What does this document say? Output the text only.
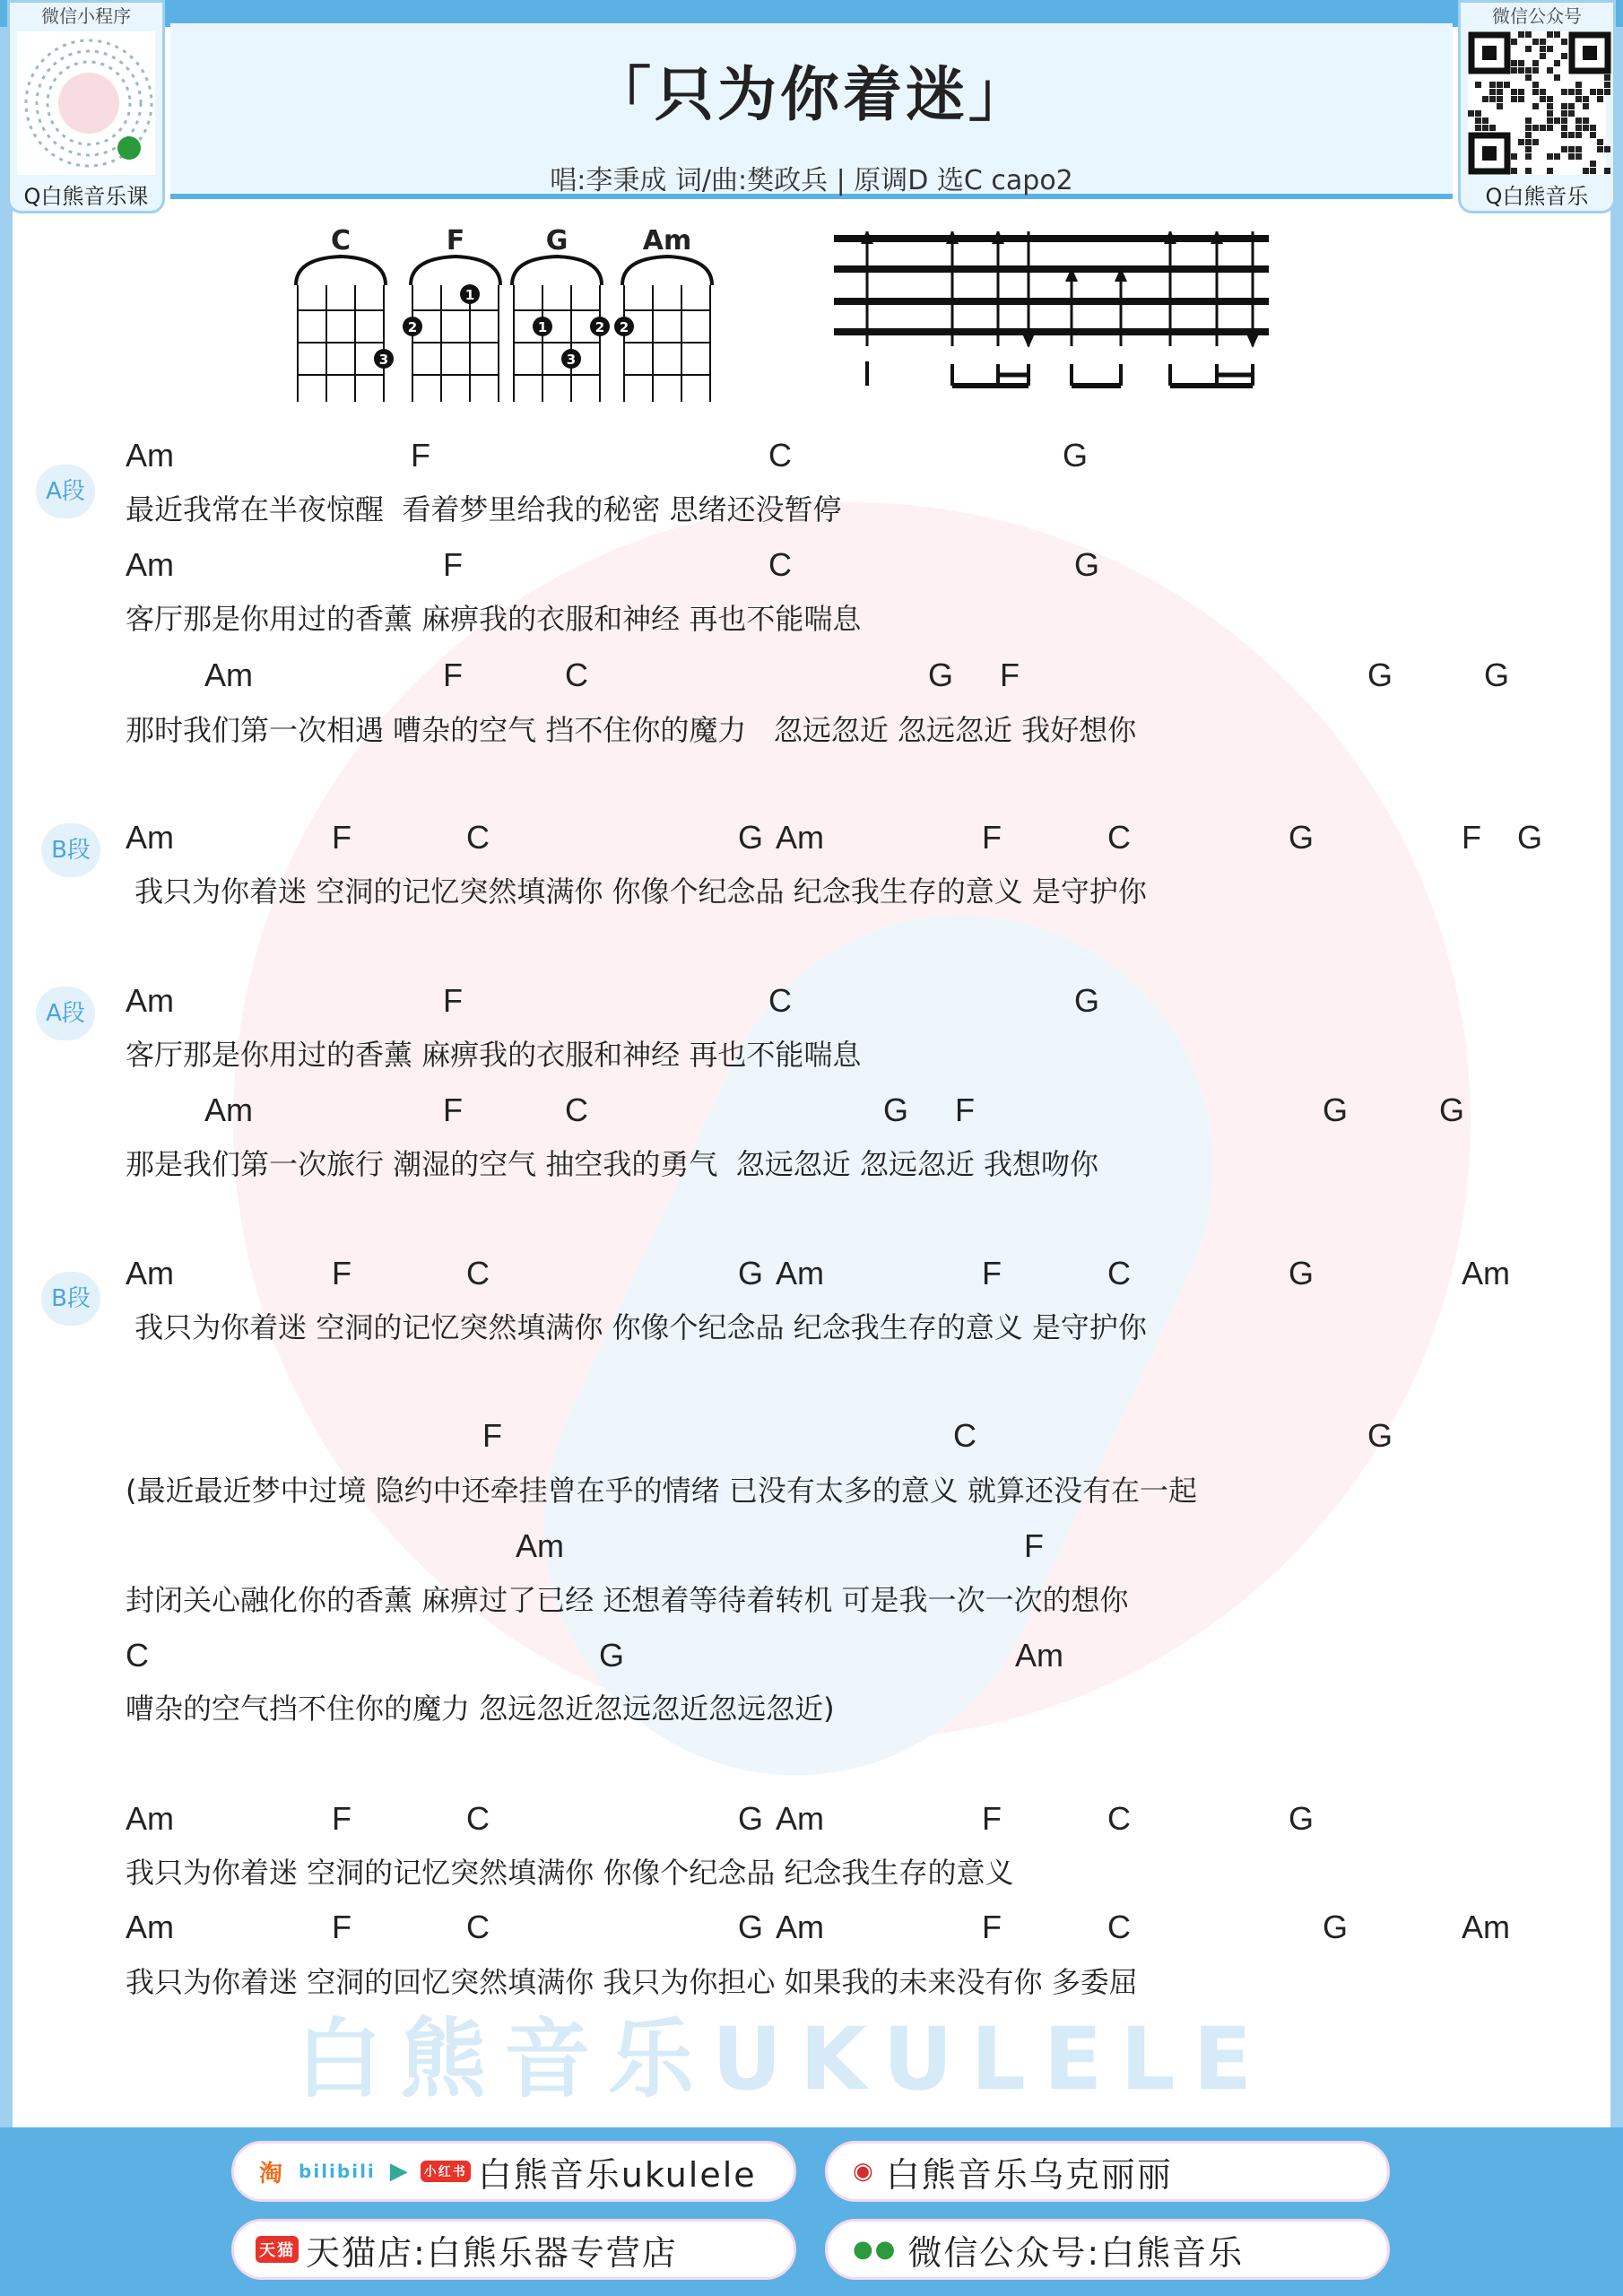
白熊音乐UKULELE
「只为你着迷」
唱:李秉成 词/曲:樊政兵 | 原调D 选C capo2
微信小程序
Q白熊音乐课
微信公众号
Q白熊音乐
C
3
F
1
2
G
1	2
3
Am
2
Am	F	C	G
最近我常在半夜惊醒  看着梦里给我的秘密 思绪还没暂停
Am	F	C	G
客厅那是你用过的香薰 麻痹我的衣服和神经 再也不能喘息
Am	F	C	G F	G	G
那时我们第一次相遇 嘈杂的空气 挡不住你的魔力   忽远忽近 忽远忽近 我好想你
Am	F	C	G Am	F	C	G	F G
我只为你着迷 空洞的记忆突然填满你 你像个纪念品 纪念我生存的意义 是守护你
Am	F	C	G
客厅那是你用过的香薰 麻痹我的衣服和神经 再也不能喘息
Am	F	C	G F	G	G
那是我们第一次旅行 潮湿的空气 抽空我的勇气  忽远忽近 忽远忽近 我想吻你
Am	F	C	G Am	F	C	G	Am
我只为你着迷 空洞的记忆突然填满你 你像个纪念品 纪念我生存的意义 是守护你
F	C	G
(最近最近梦中过境 隐约中还牵挂曾在乎的情绪 已没有太多的意义 就算还没有在一起
Am	F
封闭关心融化你的香薰 麻痹过了已经 还想着等待着转机 可是我一次一次的想你
C	G	Am
嘈杂的空气挡不住你的魔力 忽远忽近忽远忽近忽远忽近)
Am	F	C	G Am	F	C	G
我只为你着迷 空洞的记忆突然填满你 你像个纪念品 纪念我生存的意义
Am	F	C	G Am	F	C	G	Am
我只为你着迷 空洞的回忆突然填满你 我只为你担心 如果我的未来没有你 多委屈
A段
B段
A段
B段
淘 bilibili ▶ 小红书 白熊音乐ukulele	◉ 白熊音乐乌克丽丽
天猫 天猫店:白熊乐器专营店	●● 微信公众号:白熊音乐
